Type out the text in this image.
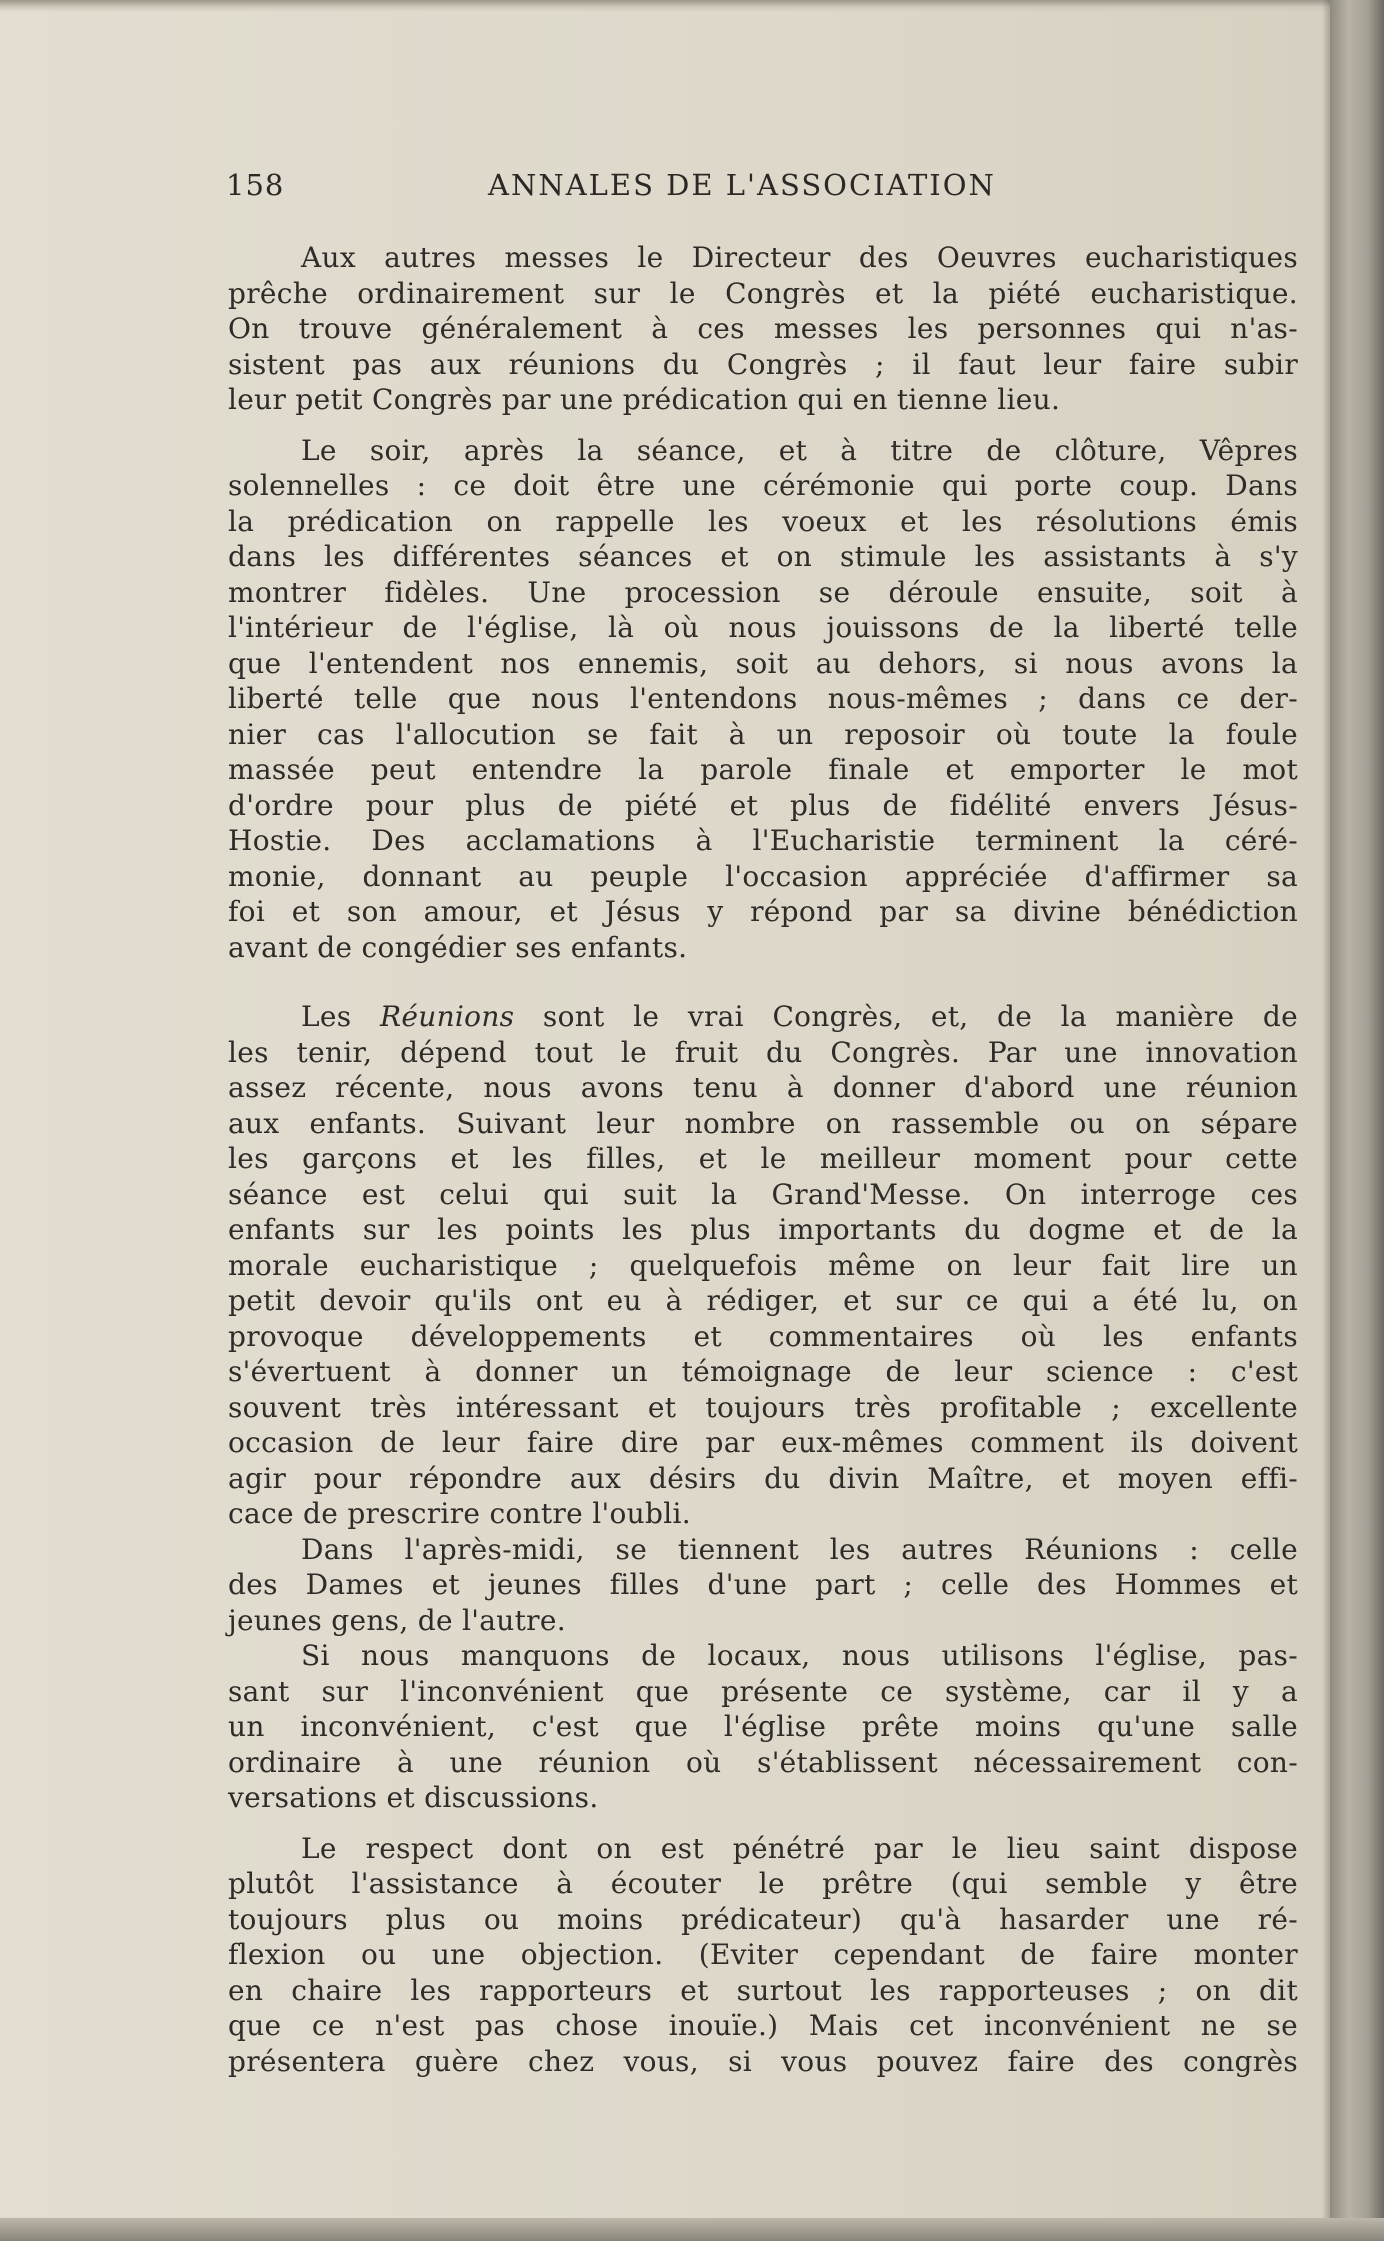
158	ANNALES DE L'ASSOCIATION
Aux autres messes le Directeur des Oeuvres eucharistiques
prêche ordinairement sur le Congrès et la piété eucharistique.
On trouve généralement à ces messes les personnes qui n'as-
sistent pas aux réunions du Congrès ; il faut leur faire subir
leur petit Congrès par une prédication qui en tienne lieu.
Le soir, après la séance, et à titre de clôture, Vêpres
solennelles : ce doit être une cérémonie qui porte coup. Dans
la prédication on rappelle les voeux et les résolutions émis
dans les différentes séances et on stimule les assistants à s'y
montrer fidèles. Une procession se déroule ensuite, soit à
l'intérieur de l'église, là où nous jouissons de la liberté telle
que l'entendent nos ennemis, soit au dehors, si nous avons la
liberté telle que nous l'entendons nous-mêmes ; dans ce der-
nier cas l'allocution se fait à un reposoir où toute la foule
massée peut entendre la parole finale et emporter le mot
d'ordre pour plus de piété et plus de fidélité envers Jésus-
Hostie. Des acclamations à l'Eucharistie terminent la céré-
monie, donnant au peuple l'occasion appréciée d'affirmer sa
foi et son amour, et Jésus y répond par sa divine bénédiction
avant de congédier ses enfants.
Les Réunions sont le vrai Congrès, et, de la manière de
les tenir, dépend tout le fruit du Congrès. Par une innovation
assez récente, nous avons tenu à donner d'abord une réunion
aux enfants. Suivant leur nombre on rassemble ou on sépare
les garçons et les filles, et le meilleur moment pour cette
séance est celui qui suit la Grand'Messe. On interroge ces
enfants sur les points les plus importants du dogme et de la
morale eucharistique ; quelquefois même on leur fait lire un
petit devoir qu'ils ont eu à rédiger, et sur ce qui a été lu, on
provoque développements et commentaires où les enfants
s'évertuent à donner un témoignage de leur science : c'est
souvent très intéressant et toujours très profitable ; excellente
occasion de leur faire dire par eux-mêmes comment ils doivent
agir pour répondre aux désirs du divin Maître, et moyen effi-
cace de prescrire contre l'oubli.
Dans l'après-midi, se tiennent les autres Réunions : celle
des Dames et jeunes filles d'une part ; celle des Hommes et
jeunes gens, de l'autre.
Si nous manquons de locaux, nous utilisons l'église, pas-
sant sur l'inconvénient que présente ce système, car il y a
un inconvénient, c'est que l'église prête moins qu'une salle
ordinaire à une réunion où s'établissent nécessairement con-
versations et discussions.
Le respect dont on est pénétré par le lieu saint dispose
plutôt l'assistance à écouter le prêtre (qui semble y être
toujours plus ou moins prédicateur) qu'à hasarder une ré-
flexion ou une objection. (Eviter cependant de faire monter
en chaire les rapporteurs et surtout les rapporteuses ; on dit
que ce n'est pas chose inouïe.) Mais cet inconvénient ne se
présentera guère chez vous, si vous pouvez faire des congrès
